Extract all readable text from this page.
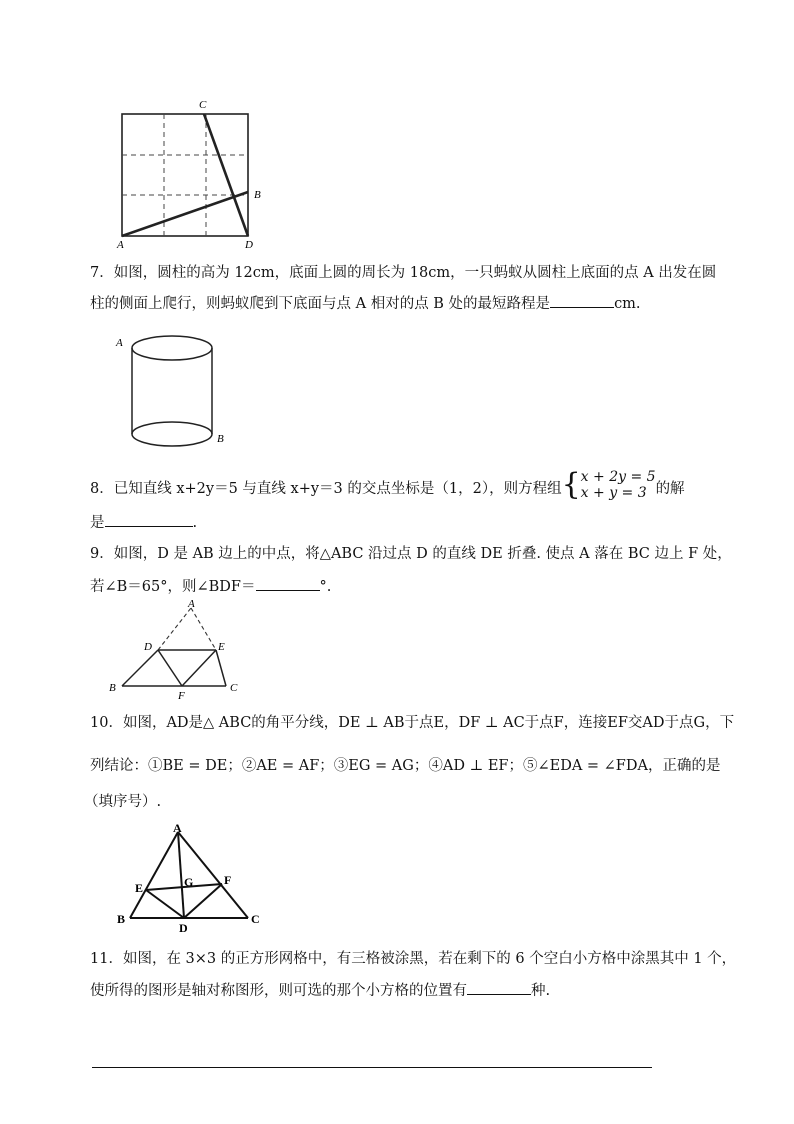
C
B
A	D
7．如图，圆柱的高为 12cm，底面上圆的周长为 18cm，一只蚂蚁从圆柱上底面的点 A 出发在圆
柱的侧面上爬行，则蚂蚁爬到下底面与点 A 相对的点 B 处的最短路程是	cm.
A
B
8．已知直线 x+2y＝5 与直线 x+y＝3 的交点坐标是（1，2），则方程组{x + 2y = 5
x + y = 3 的解
是	.
9．如图，D 是 AB 边上的中点，将△ABC 沿过点 D 的直线 DE 折叠. 使点 A 落在 BC 边上 F 处，
若∠B＝65°，则∠BDF＝	°.
A
D	E
B
F
C
10．如图，AD是△ ABC的角平分线，DE ⊥ AB于点E，DF ⊥ AC于点F，连接EF交AD于点G，下
列结论：①BE = DE；②AE = AF；③EG = AG；④AD ⊥ EF；⑤∠EDA = ∠FDA，正确的是
（填序号）.
A
E	G	F
B
D
C
11．如图，在 3×3 的正方形网格中，有三格被涂黑，若在剩下的 6 个空白小方格中涂黑其中 1 个，
使所得的图形是轴对称图形，则可选的那个小方格的位置有	种.
